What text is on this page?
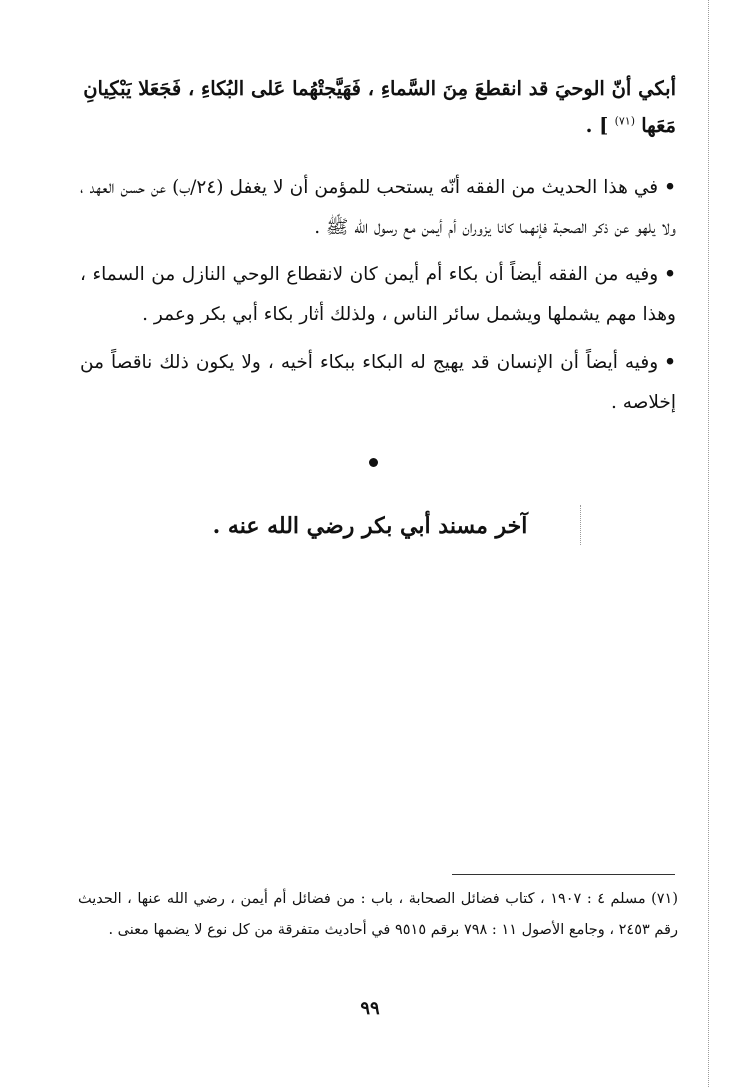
أبكي أنّ الوحيَ قد انقطعَ مِنَ السَّماءِ ، فَهَيَّجتْهُما عَلى البُكاءِ ، فَجَعَلا يَبْكِيانِ
مَعَها $^{(٧١)}$ ] .
•في هذا الحديث من الفقه أنّه يستحب للمؤمن أن لا يغفل (٢٤/ب) عن حسن العهد ، ولا يلهو عن ذكر الصحبة فإنهما كانا يزوران أم أيمن مع رسول الله ﷺ .
•وفيه من الفقه أيضاً أن بكاء أم أيمن كان لانقطاع الوحي النازل من السماء ، وهذا مهم يشملها ويشمل سائر الناس ، ولذلك أثار بكاء أبي بكر وعمر .
•وفيه أيضاً أن الإنسان قد يهيج له البكاء ببكاء أخيه ، ولا يكون ذلك ناقصاً من إخلاصه .
آخر مسند أبي بكر رضي الله عنه .
(٧١) مسلم ٤ : ١٩٠٧ ، كتاب فضائل الصحابة ، باب : من فضائل أم أيمن ، رضي الله عنها ، الحديث رقم ٢٤٥٣ ، وجامع الأصول ١١ : ٧٩٨ برقم ٩٥١٥ في أحاديث متفرقة من كل نوع لا يضمها معنى .
٩٩
